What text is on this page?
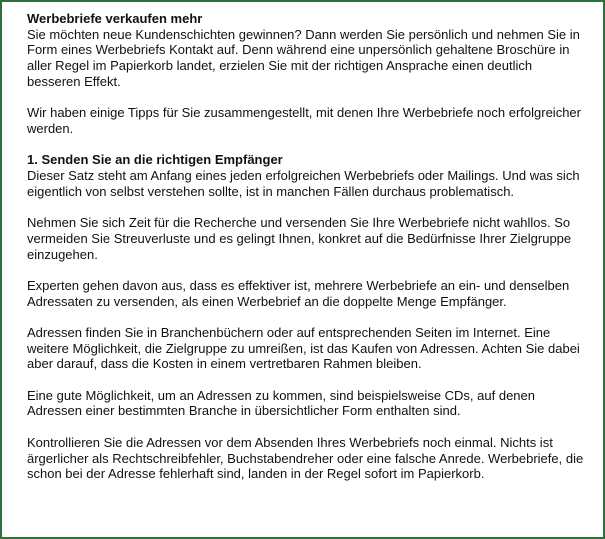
Werbebriefe verkaufen mehr
Sie möchten neue Kundenschichten gewinnen? Dann werden Sie persönlich und nehmen Sie in Form eines Werbebriefs Kontakt auf. Denn während eine unpersönlich gehaltene Broschüre in aller Regel im Papierkorb landet, erzielen Sie mit der richtigen Ansprache einen deutlich besseren Effekt.

Wir haben einige Tipps für Sie zusammengestellt, mit denen Ihre Werbebriefe noch erfolgreicher werden.

1. Senden Sie an die richtigen Empfänger
Dieser Satz steht am Anfang eines jeden erfolgreichen Werbebriefs oder Mailings. Und was sich eigentlich von selbst verstehen sollte, ist in manchen Fällen durchaus problematisch.

Nehmen Sie sich Zeit für die Recherche und versenden Sie Ihre Werbebriefe nicht wahllos. So vermeiden Sie Streuverluste und es gelingt Ihnen, konkret auf die Bedürfnisse Ihrer Zielgruppe einzugehen.

Experten gehen davon aus, dass es effektiver ist, mehrere Werbebriefe an ein- und denselben Adressaten zu versenden, als einen Werbebrief an die doppelte Menge Empfänger.

Adressen finden Sie in Branchenbüchern oder auf entsprechenden Seiten im Internet. Eine weitere Möglichkeit, die Zielgruppe zu umreißen, ist das Kaufen von Adressen. Achten Sie dabei aber darauf, dass die Kosten in einem vertretbaren Rahmen bleiben.

Eine gute Möglichkeit, um an Adressen zu kommen, sind beispielsweise CDs, auf denen Adressen einer bestimmten Branche in übersichtlicher Form enthalten sind.

Kontrollieren Sie die Adressen vor dem Absenden Ihres Werbebriefs noch einmal. Nichts ist ärgerlicher als Rechtschreibfehler, Buchstabendreher oder eine falsche Anrede. Werbebriefe, die schon bei der Adresse fehlerhaft sind, landen in der Regel sofort im Papierkorb.
